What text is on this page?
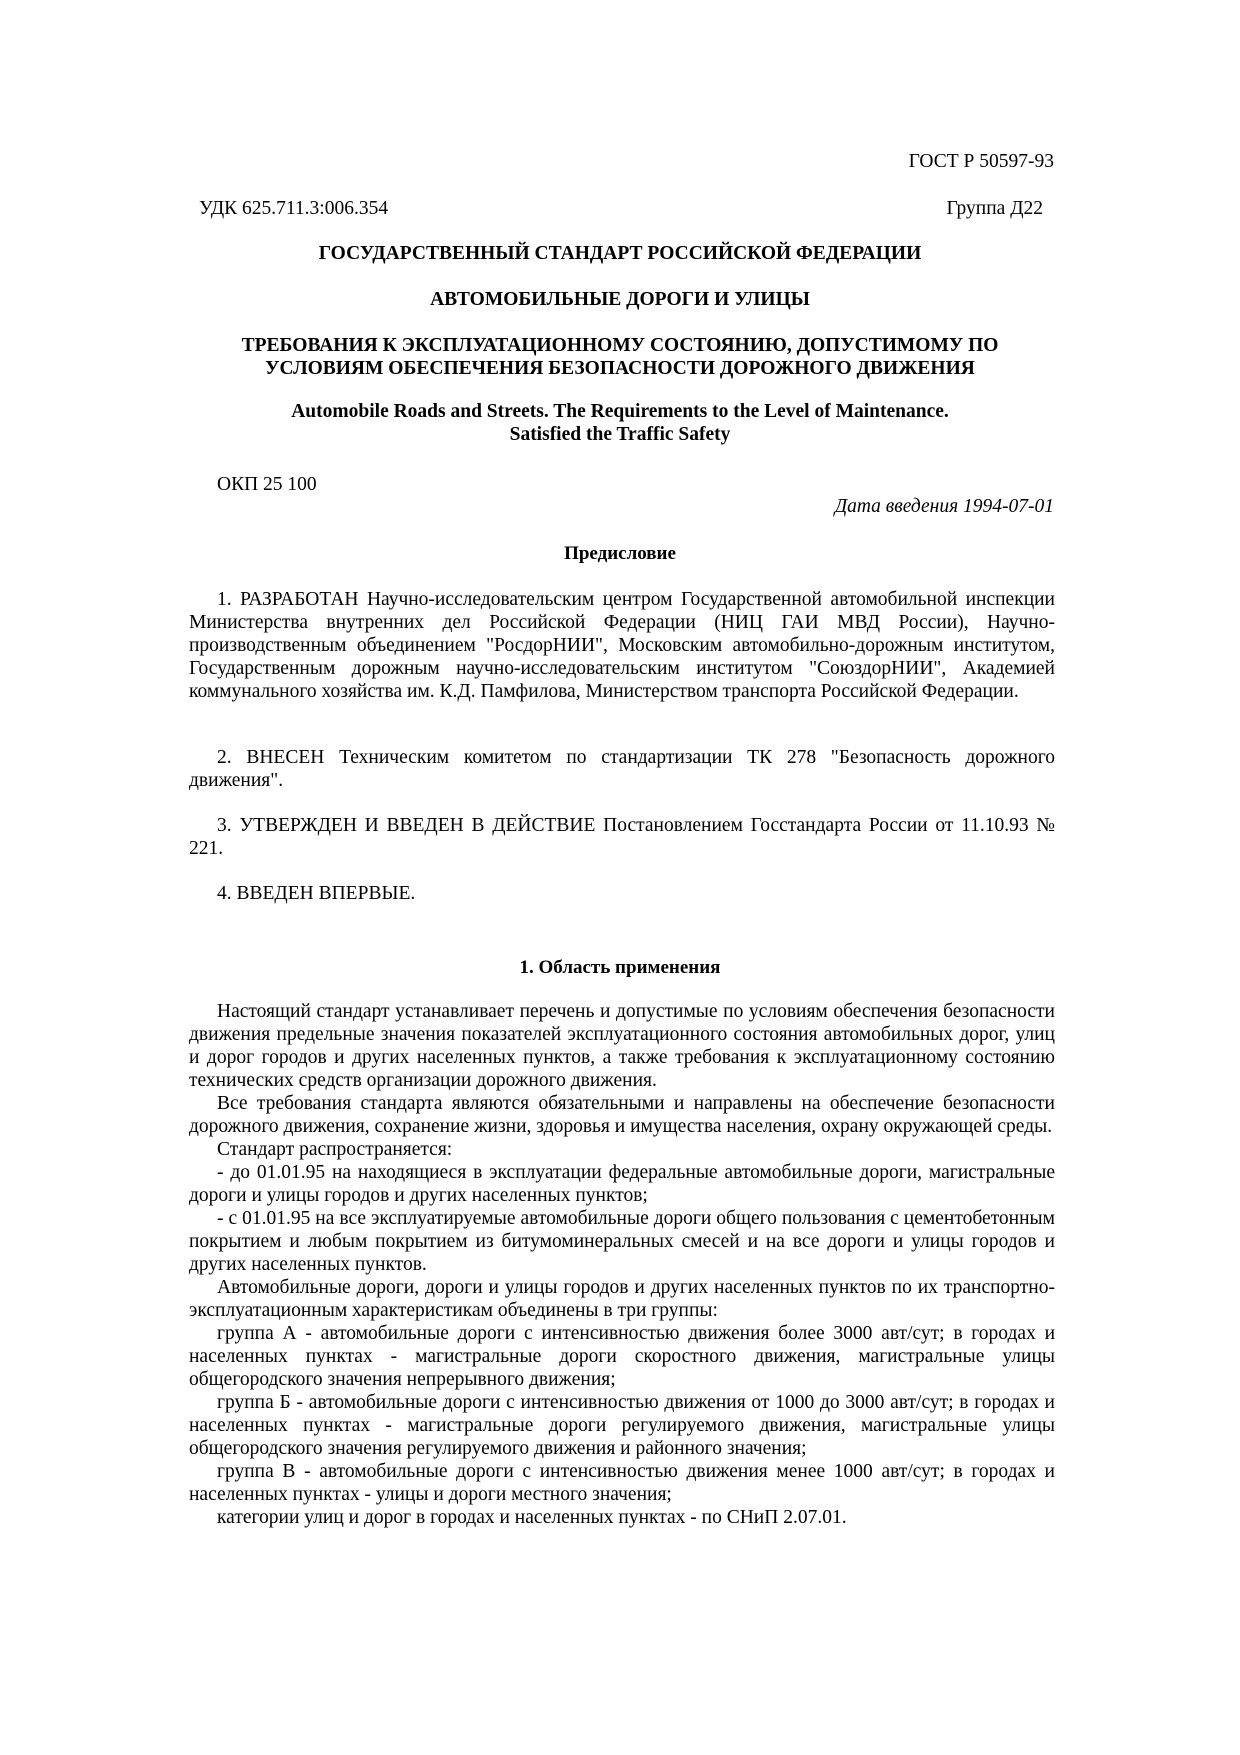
ГОСТ Р 50597-93
УДК 625.711.3:006.354	Группа Д22
ГОСУДАРСТВЕННЫЙ СТАНДАРТ РОССИЙСКОЙ ФЕДЕРАЦИИ
АВТОМОБИЛЬНЫЕ ДОРОГИ И УЛИЦЫ
ТРЕБОВАНИЯ К ЭКСПЛУАТАЦИОННОМУ СОСТОЯНИЮ, ДОПУСТИМОМУ ПО
УСЛОВИЯМ ОБЕСПЕЧЕНИЯ БЕЗОПАСНОСТИ ДОРОЖНОГО ДВИЖЕНИЯ
Automobile Roads and Streets. The Requirements to the Level of Maintenance.
Satisfied the Traffic Safety
ОКП 25 100
Дата введения 1994-07-01
Предисловие

1. РАЗРАБОТАН Научно-исследовательским центром Государственной автомобильной инспекции Министерства внутренних дел Российской Федерации (НИЦ ГАИ МВД России), Научно-производственным объединением "РосдорНИИ", Московским автомобильно-дорожным институтом, Государственным дорожным научно-исследовательским институтом "СоюздорНИИ", Академией коммунального хозяйства им. К.Д. Памфилова, Министерством транспорта Российской Федерации.

2. ВНЕСЕН Техническим комитетом по стандартизации ТК 278 "Безопасность дорожного движения".

3. УТВЕРЖДЕН И ВВЕДЕН В ДЕЙСТВИЕ Постановлением Госстандарта России от 11.10.93 № 221.

4. ВВЕДЕН ВПЕРВЫЕ.

1. Область применения

Настоящий стандарт устанавливает перечень и допустимые по условиям обеспечения безопасности движения предельные значения показателей эксплуатационного состояния автомобильных дорог, улиц и дорог городов и других населенных пунктов, а также требования к эксплуатационному состоянию технических средств организации дорожного движения.

Все требования стандарта являются обязательными и направлены на обеспечение безопасности дорожного движения, сохранение жизни, здоровья и имущества населения, охрану окружающей среды.

Стандарт распространяется:

- до 01.01.95 на находящиеся в эксплуатации федеральные автомобильные дороги, магистральные дороги и улицы городов и других населенных пунктов;

- с 01.01.95 на все эксплуатируемые автомобильные дороги общего пользования с цементобетонным покрытием и любым покрытием из битумоминеральных смесей и на все дороги и улицы городов и других населенных пунктов.

Автомобильные дороги, дороги и улицы городов и других населенных пунктов по их транспортно-эксплуатационным характеристикам объединены в три группы:

группа А - автомобильные дороги с интенсивностью движения более 3000 авт/сут; в городах и населенных пунктах - магистральные дороги скоростного движения, магистральные улицы общегородского значения непрерывного движения;

группа Б - автомобильные дороги с интенсивностью движения от 1000 до 3000 авт/сут; в городах и населенных пунктах - магистральные дороги регулируемого движения, магистральные улицы общегородского значения регулируемого движения и районного значения;

группа В - автомобильные дороги с интенсивностью движения менее 1000 авт/сут; в городах и населенных пунктах - улицы и дороги местного значения;

категории улиц и дорог в городах и населенных пунктах - по СНиП 2.07.01.
